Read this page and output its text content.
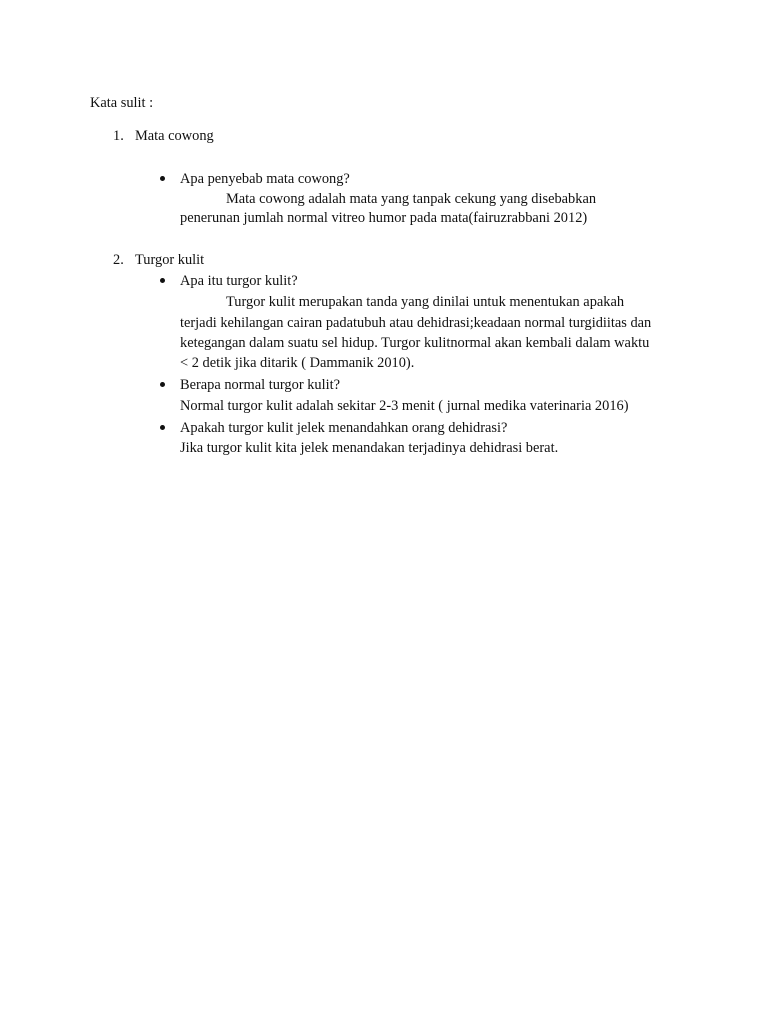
Kata sulit :
1. Mata cowong
Apa penyebab mata cowong?
Mata cowong adalah mata yang tanpak cekung yang disebabkan
penerunan jumlah normal vitreo humor pada mata(fairuzrabbani 2012)
2. Turgor kulit
Apa itu turgor kulit?
Turgor kulit merupakan tanda yang dinilai untuk menentukan apakah
terjadi kehilangan cairan padatubuh atau dehidrasi;keadaan normal turgidiitas dan
ketegangan dalam suatu sel hidup. Turgor kulitnormal akan kembali dalam waktu
< 2 detik jika ditarik ( Dammanik 2010).
Berapa normal turgor kulit?
Normal turgor kulit adalah sekitar 2-3 menit ( jurnal medika vaterinaria 2016)
Apakah turgor kulit jelek menandahkan orang dehidrasi?
Jika turgor kulit kita jelek menandakan terjadinya dehidrasi berat.
